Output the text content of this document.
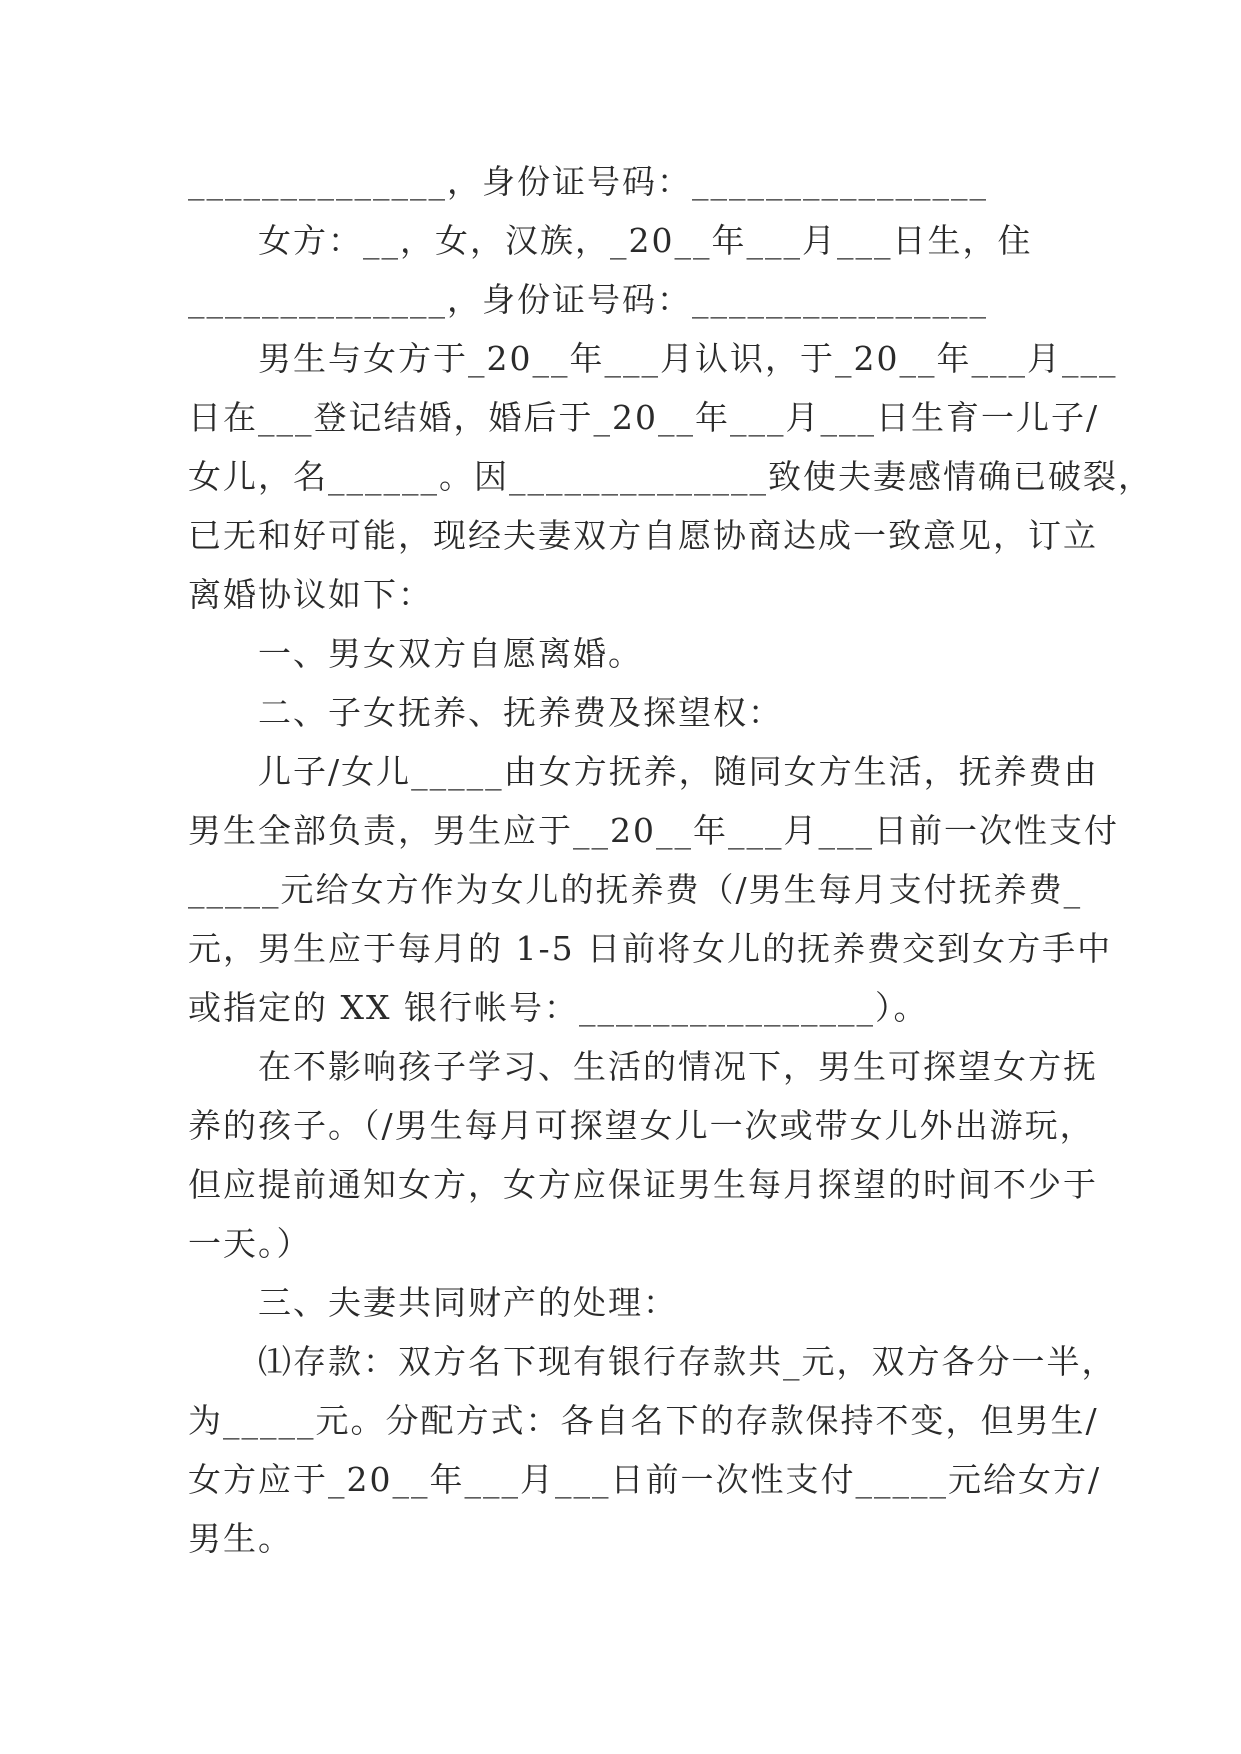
______________，身份证号码：________________
女方：__，女，汉族，_20__年___月___日生，住
______________，身份证号码：________________
男生与女方于_20__年___月认识，于_20__年___月___
日在___登记结婚，婚后于_20__年___月___日生育一儿子/
女儿，名______。因______________致使夫妻感情确已破裂，
已无和好可能，现经夫妻双方自愿协商达成一致意见，订立
离婚协议如下：
一、男女双方自愿离婚。
二、子女抚养、抚养费及探望权：
儿子/女儿_____由女方抚养，随同女方生活，抚养费由
男生全部负责，男生应于__20__年___月___日前一次性支付
_____元给女方作为女儿的抚养费（/男生每月支付抚养费_
元，男生应于每月的 1-5 日前将女儿的抚养费交到女方手中
或指定的 XX 银行帐号：________________）。
在不影响孩子学习、生活的情况下，男生可探望女方抚
养的孩子。（/男生每月可探望女儿一次或带女儿外出游玩，
但应提前通知女方，女方应保证男生每月探望的时间不少于
一天。）
三、夫妻共同财产的处理：
⑴存款：双方名下现有银行存款共_元，双方各分一半，
为_____元。分配方式：各自名下的存款保持不变，但男生/
女方应于_20__年___月___日前一次性支付_____元给女方/
男生。
